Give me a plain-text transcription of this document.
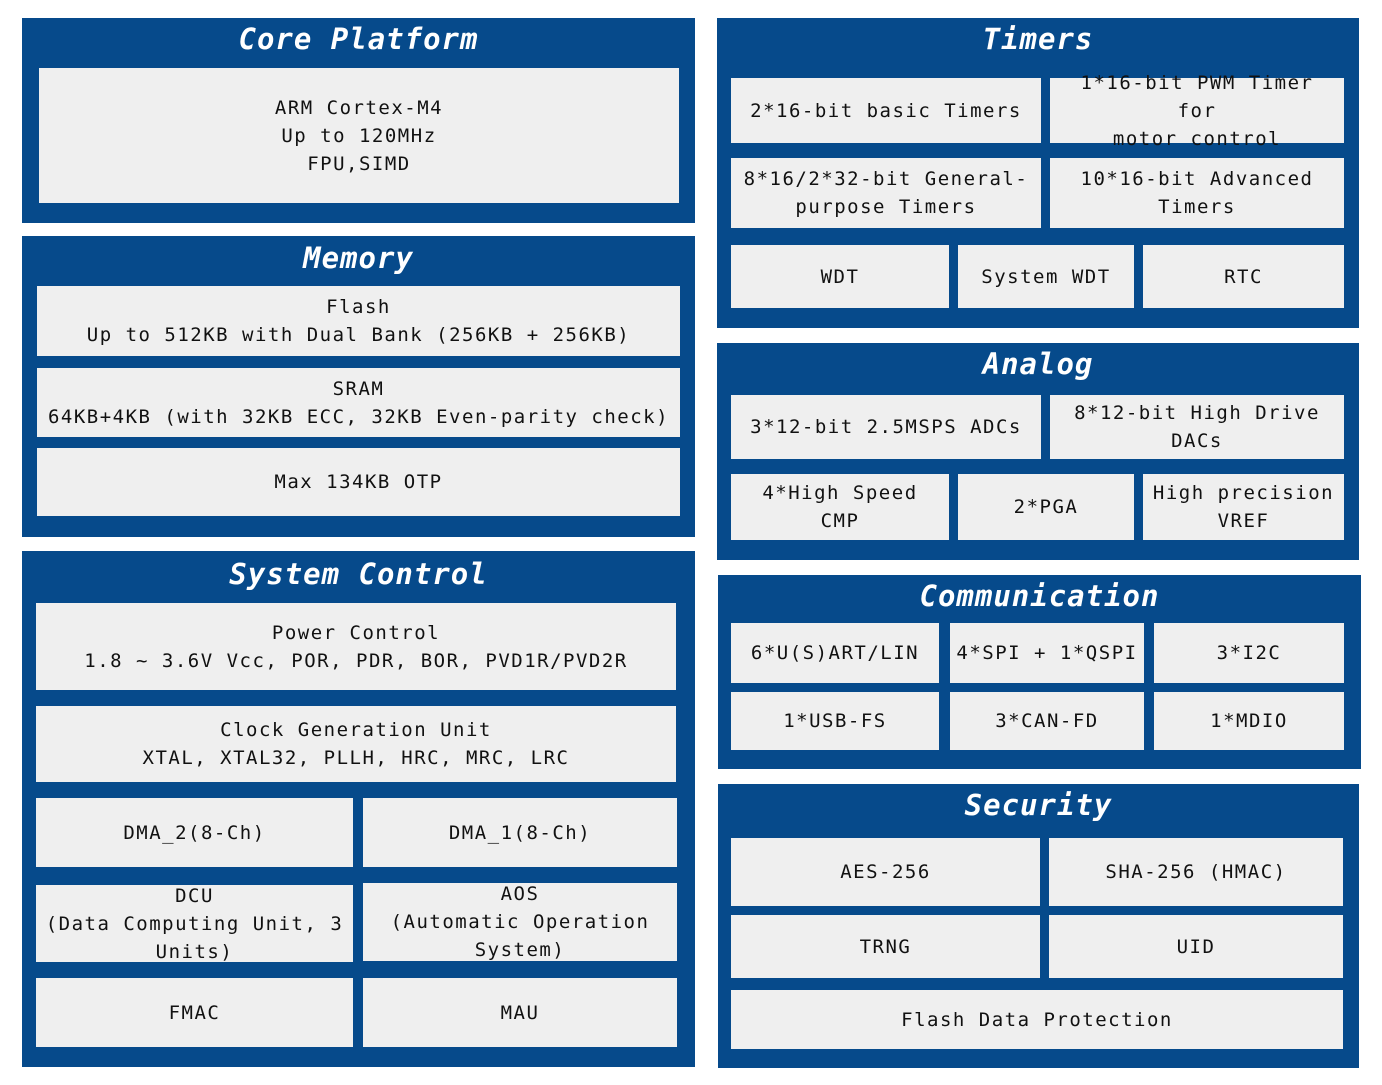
Core Platform
ARM Cortex-M4
Up to 120MHz
FPU,SIMD
Memory
Flash
Up to 512KB with Dual Bank (256KB + 256KB)
SRAM
64KB+4KB (with 32KB ECC, 32KB Even-parity check)
Max 134KB OTP
System Control
Power Control
1.8 ~ 3.6V Vcc, POR, PDR, BOR, PVD1R/PVD2R
Clock Generation Unit
XTAL, XTAL32, PLLH, HRC, MRC, LRC
DMA_2(8-Ch)	DMA_1(8-Ch)
DCU
(Data Computing Unit, 3
Units)
AOS
(Automatic Operation
System)
FMAC	MAU
Timers
2*16-bit basic Timers
1*16-bit PWM Timer for
motor control
8*16/2*32-bit General-
purpose Timers
10*16-bit Advanced
Timers
WDT	System WDT	RTC
Analog
3*12-bit 2.5MSPS ADCs
8*12-bit High Drive
DACs
4*High Speed CMP
2*PGA
High precision
VREF
Communication
6*U(S)ART/LIN	4*SPI + 1*QSPI	3*I2C
1*USB-FS	3*CAN-FD	1*MDIO
Security
AES-256	SHA-256 (HMAC)
TRNG	UID
Flash Data Protection
